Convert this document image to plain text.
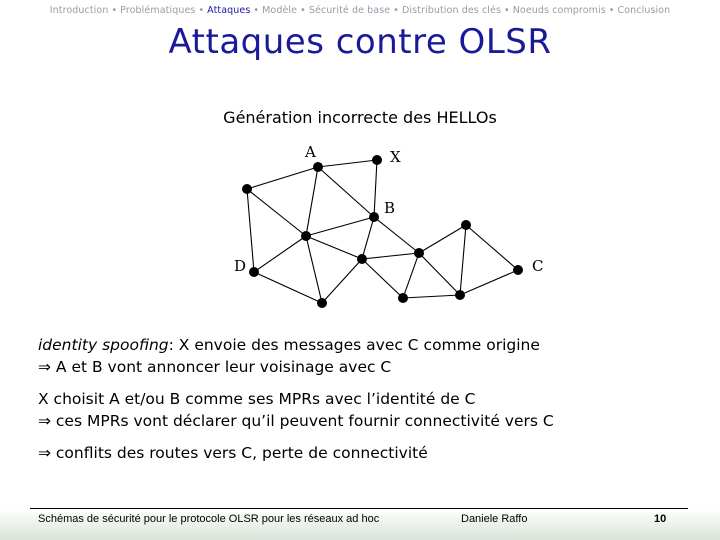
Introduction • Problématiques • Attaques • Modèle • Sécurité de base • Distribution des clés • Noeuds compromis • Conclusion
Attaques contre OLSR
Génération incorrecte des HELLOs
A	X
B
D	C
identity spoofing: X envoie des messages avec C comme origine
⇒ A et B vont annoncer leur voisinage avec C
X choisit A et/ou B comme ses MPRs avec l’identité de C
⇒ ces MPRs vont déclarer qu’il peuvent fournir connectivité vers C
⇒ conflits des routes vers C, perte de connectivité
Schémas de sécurité pour le protocole OLSR pour les réseaux ad hoc	Daniele Raffo	10
